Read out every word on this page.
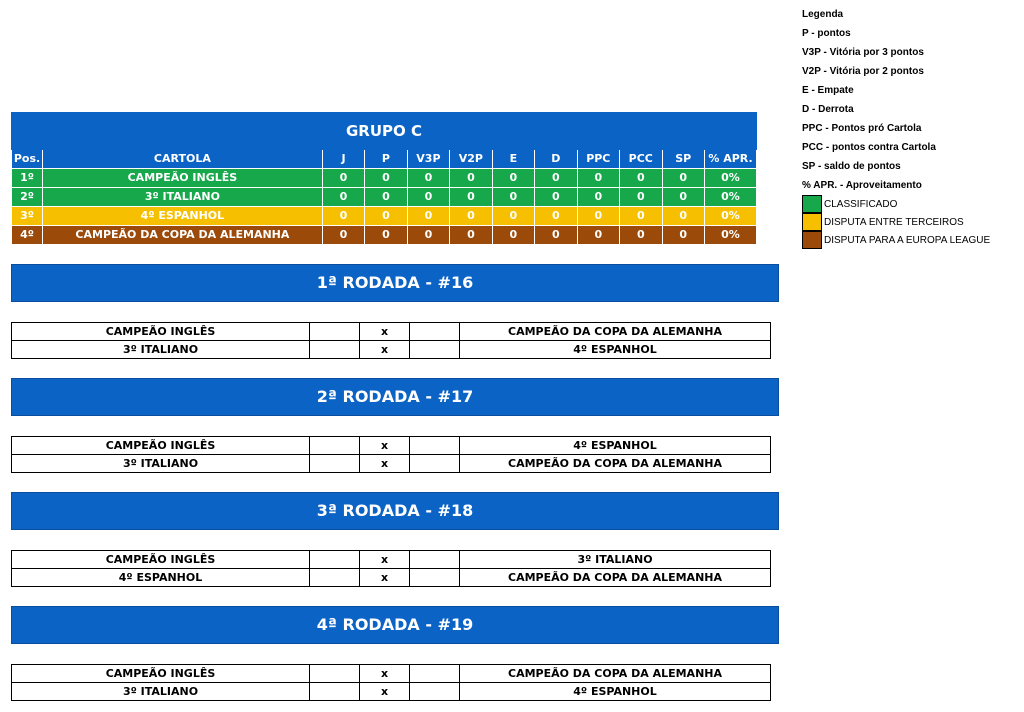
Legenda
P - pontos
V3P - Vitória por 3 pontos
V2P - Vitória por 2 pontos
E - Empate
D - Derrota
PPC - Pontos pró Cartola
PCC - pontos contra Cartola
SP - saldo de pontos
% APR. - Aproveitamento
CLASSIFICADO
DISPUTA ENTRE TERCEIROS
DISPUTA PARA A EUROPA LEAGUE
GRUPO C											
Pos.	CARTOLA	J	P	V3P	V2P	E	D	PPC	PCC	SP	% APR.
1º	CAMPEÃO INGLÊS	0	0	0	0	0	0	0	0	0	0%
2º	3º ITALIANO	0	0	0	0	0	0	0	0	0	0%
3º	4º ESPANHOL	0	0	0	0	0	0	0	0	0	0%
4º	CAMPEÃO DA COPA DA ALEMANHA	0	0	0	0	0	0	0	0	0	0%
1ª RODADA - #16
CAMPEÃO INGLÊS		x		CAMPEÃO DA COPA DA ALEMANHA
3º ITALIANO		x		4º ESPANHOL
2ª RODADA - #17
CAMPEÃO INGLÊS		x		4º ESPANHOL
3º ITALIANO		x		CAMPEÃO DA COPA DA ALEMANHA
3ª RODADA - #18
CAMPEÃO INGLÊS		x		3º ITALIANO
4º ESPANHOL		x		CAMPEÃO DA COPA DA ALEMANHA
4ª RODADA - #19
CAMPEÃO INGLÊS		x		CAMPEÃO DA COPA DA ALEMANHA
3º ITALIANO		x		4º ESPANHOL
